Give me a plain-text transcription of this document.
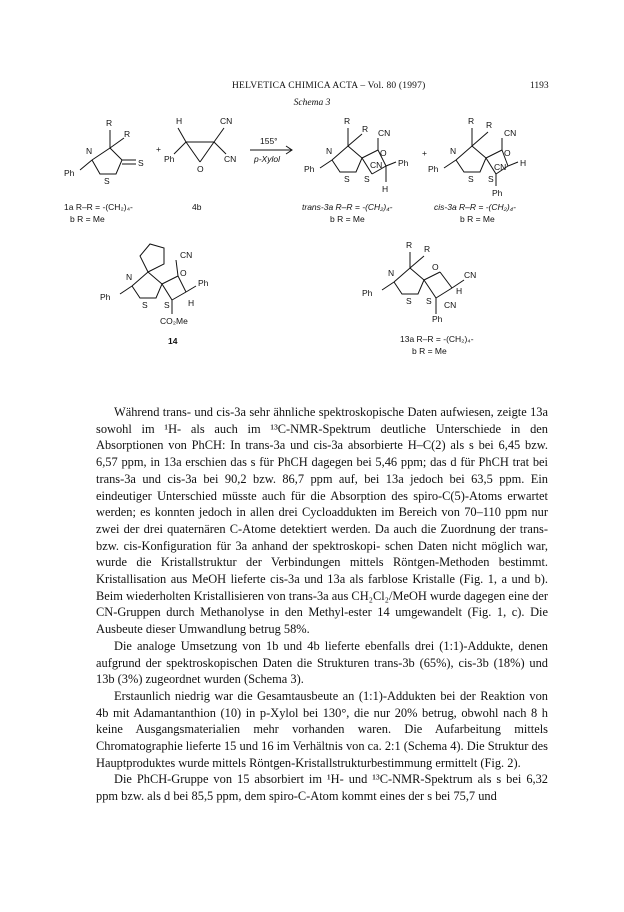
HELVETICA CHIMICA ACTA – Vol. 80 (1997)	1193
Schema 3
R
R
N
S
S
Ph
+
H	CN
Ph
O
CN
155°
p-Xylol
R
R
N
S S
CN
O
CN Ph
H
Ph
+
R R
N
S S
CN
O
CN H
Ph
Ph
1a R–R = -(CH₂)₄-
b R = Me
4b	trans-3a R–R = -(CH₂)₄-
b R = Me
cis-3a R–R = -(CH₂)₄-
b R = Me
CN
N	O
Ph
S S H
CO₂Me
Ph
14
R R
N
O
CN
S S
H
CN
Ph
Ph
13a R–R = -(CH₂)₄-
b R = Me

Während trans- und cis-3a sehr ähnliche spektroskopische Daten aufwiesen, zeigte 13a sowohl im ¹H- als auch im ¹³C-NMR-Spektrum deutliche Unterschiede in den Absorptionen von PhCH: In trans-3a und cis-3a absorbierte H–C(2) als s bei 6,45 bzw. 6,57 ppm, in 13a erschien das s für PhCH dagegen bei 5,46 ppm; das d für PhCH trat bei trans-3a und cis-3a bei 90,2 bzw. 86,7 ppm auf, bei 13a jedoch bei 63,5 ppm. Ein eindeutiger Unterschied müsste auch für die Absorption des spiro-C(5)-Atoms erwartet werden; es konnten jedoch in allen drei Cycloaddukten im Bereich von 70–110 ppm nur zwei der drei quaternären C-Atome detektiert werden. Da auch die Zuordnung der trans- bzw. cis-Konfiguration für 3a anhand der spektroskopi- schen Daten nicht möglich war, wurde die Kristallstruktur der Verbindungen mittels Röntgen-Methoden bestimmt. Kristallisation aus MeOH lieferte cis-3a und 13a als farblose Kristalle (Fig. 1, a und b). Beim wiederholten Kristallisieren von trans-3a aus CH₂Cl₂/MeOH wurde dagegen eine der CN-Gruppen durch Methanolyse in den Methyl-ester 14 umgewandelt (Fig. 1, c). Die Ausbeute dieser Umwandlung betrug 58%.

Die analoge Umsetzung von 1b und 4b lieferte ebenfalls drei (1:1)-Addukte, denen aufgrund der spektroskopischen Daten die Strukturen trans-3b (65%), cis-3b (18%) und 13b (3%) zugeordnet wurden (Schema 3).

Erstaunlich niedrig war die Gesamtausbeute an (1:1)-Addukten bei der Reaktion von 4b mit Adamantanthion (10) in p-Xylol bei 130°, die nur 20% betrug, obwohl nach 8 h keine Ausgangsmaterialien mehr vorhanden waren. Die Aufarbeitung mittels Chromatographie lieferte 15 und 16 im Verhältnis von ca. 2:1 (Schema 4). Die Struktur des Hauptproduktes wurde mittels Röntgen-Kristallstrukturbestimmung ermittelt (Fig. 2).

Die PhCH-Gruppe von 15 absorbiert im ¹H- und ¹³C-NMR-Spektrum als s bei 6,32 ppm bzw. als d bei 85,5 ppm, dem spiro-C-Atom kommt eines der s bei 75,7 und
